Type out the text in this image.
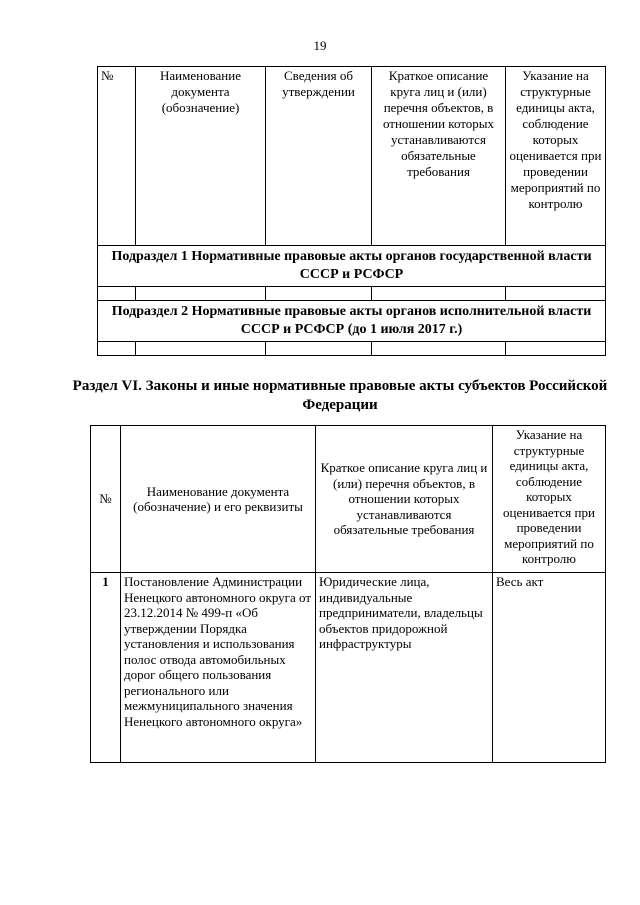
19
№	Наименование документа (обозначение)	Сведения об утверждении	Краткое описание круга лиц и (или) перечня объектов, в отношении которых устанавливаются обязательные требования	Указание на структурные единицы акта, соблюдение которых оценивается при проведении мероприятий по контролю
Подраздел 1 Нормативные правовые акты органов государственной власти СССР и РСФСР				

Подраздел 2 Нормативные правовые акты органов исполнительной власти СССР и РСФСР (до 1 июля 2017 г.)				

Раздел VI. Законы и иные нормативные правовые акты субъектов Российской Федерации
№	Наименование документа (обозначение) и его реквизиты	Краткое описание круга лиц и (или) перечня объектов, в отношении которых устанавливаются обязательные требования	Указание на структурные единицы акта, соблюдение которых оценивается при проведении мероприятий по контролю
1	Постановление Администрации Ненецкого автономного округа от 23.12.2014 № 499-п «Об утверждении Порядка установления и использования полос отвода автомобильных дорог общего пользования регионального или межмуниципального значения Ненецкого автономного округа»	Юридические лица, индивидуальные предприниматели, владельцы объектов придорожной инфраструктуры	Весь акт
